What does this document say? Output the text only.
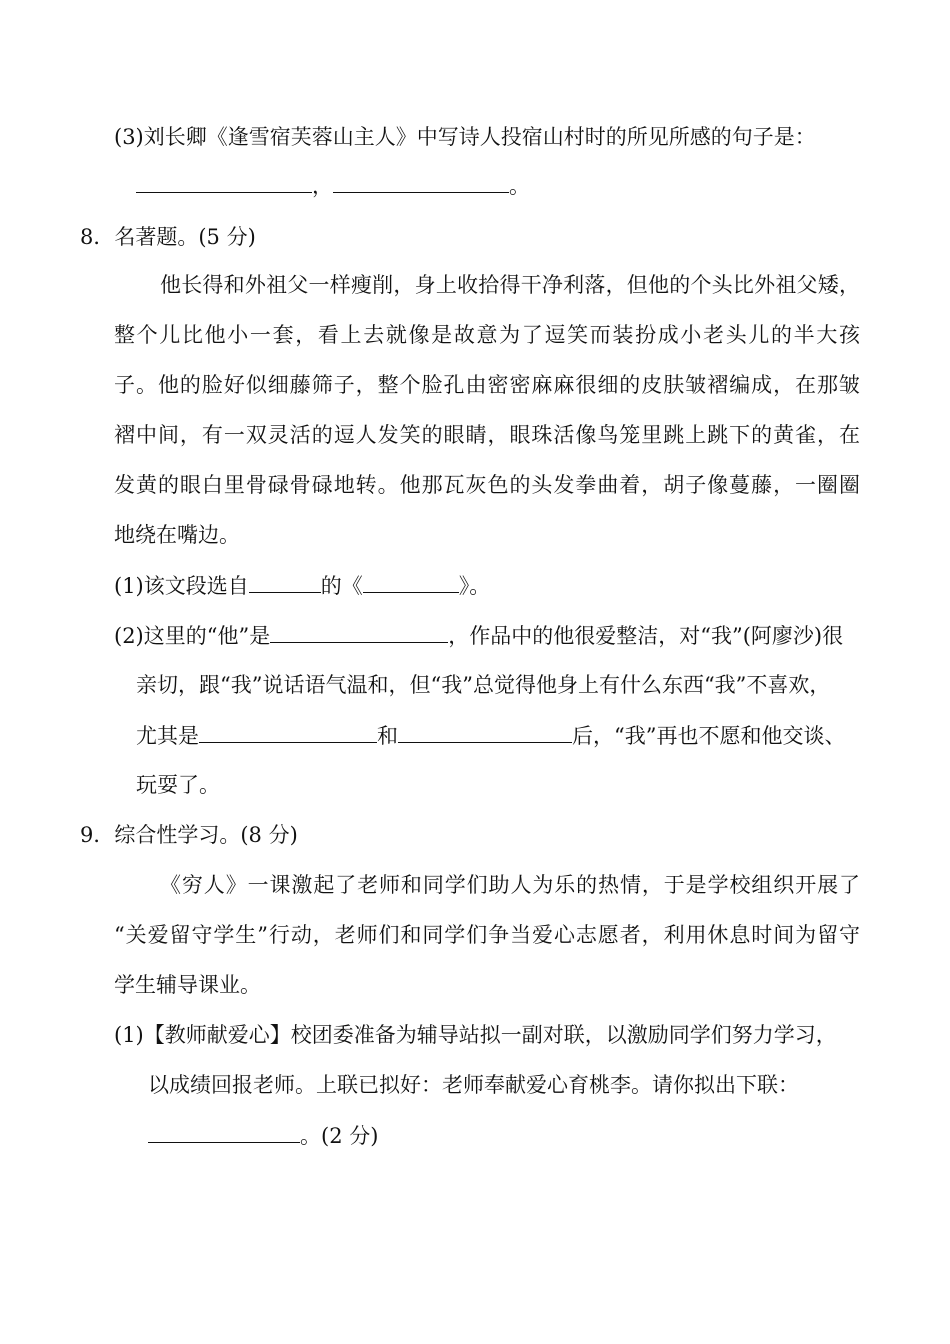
(3)刘长卿《逢雪宿芙蓉山主人》中写诗人投宿山村时的所见所感的句子是：
，	。
8．名著题。(5 分)
他长得和外祖父一样瘦削，身上收拾得干净利落，但他的个头比外祖父矮，
整个儿比他小一套，看上去就像是故意为了逗笑而装扮成小老头儿的半大孩
子。他的脸好似细藤筛子，整个脸孔由密密麻麻很细的皮肤皱褶编成，在那皱
褶中间，有一双灵活的逗人发笑的眼睛，眼珠活像鸟笼里跳上跳下的黄雀，在
发黄的眼白里骨碌骨碌地转。他那瓦灰色的头发拳曲着，胡子像蔓藤，一圈圈
地绕在嘴边。
(1)该文段选自	的《	》。
(2)这里的“他”是	，作品中的他很爱整洁，对“我”(阿廖沙)很
亲切，跟“我”说话语气温和，但“我”总觉得他身上有什么东西“我”不喜欢，
尤其是	和	后，“我”再也不愿和他交谈、
玩耍了。
9．综合性学习。(8 分)
《穷人》一课激起了老师和同学们助人为乐的热情，于是学校组织开展了
“关爱留守学生”行动，老师们和同学们争当爱心志愿者，利用休息时间为留守
学生辅导课业。
(1)【教师献爱心】校团委准备为辅导站拟一副对联，以激励同学们努力学习，
以成绩回报老师。上联已拟好：老师奉献爱心育桃李。请你拟出下联：
。(2 分)
